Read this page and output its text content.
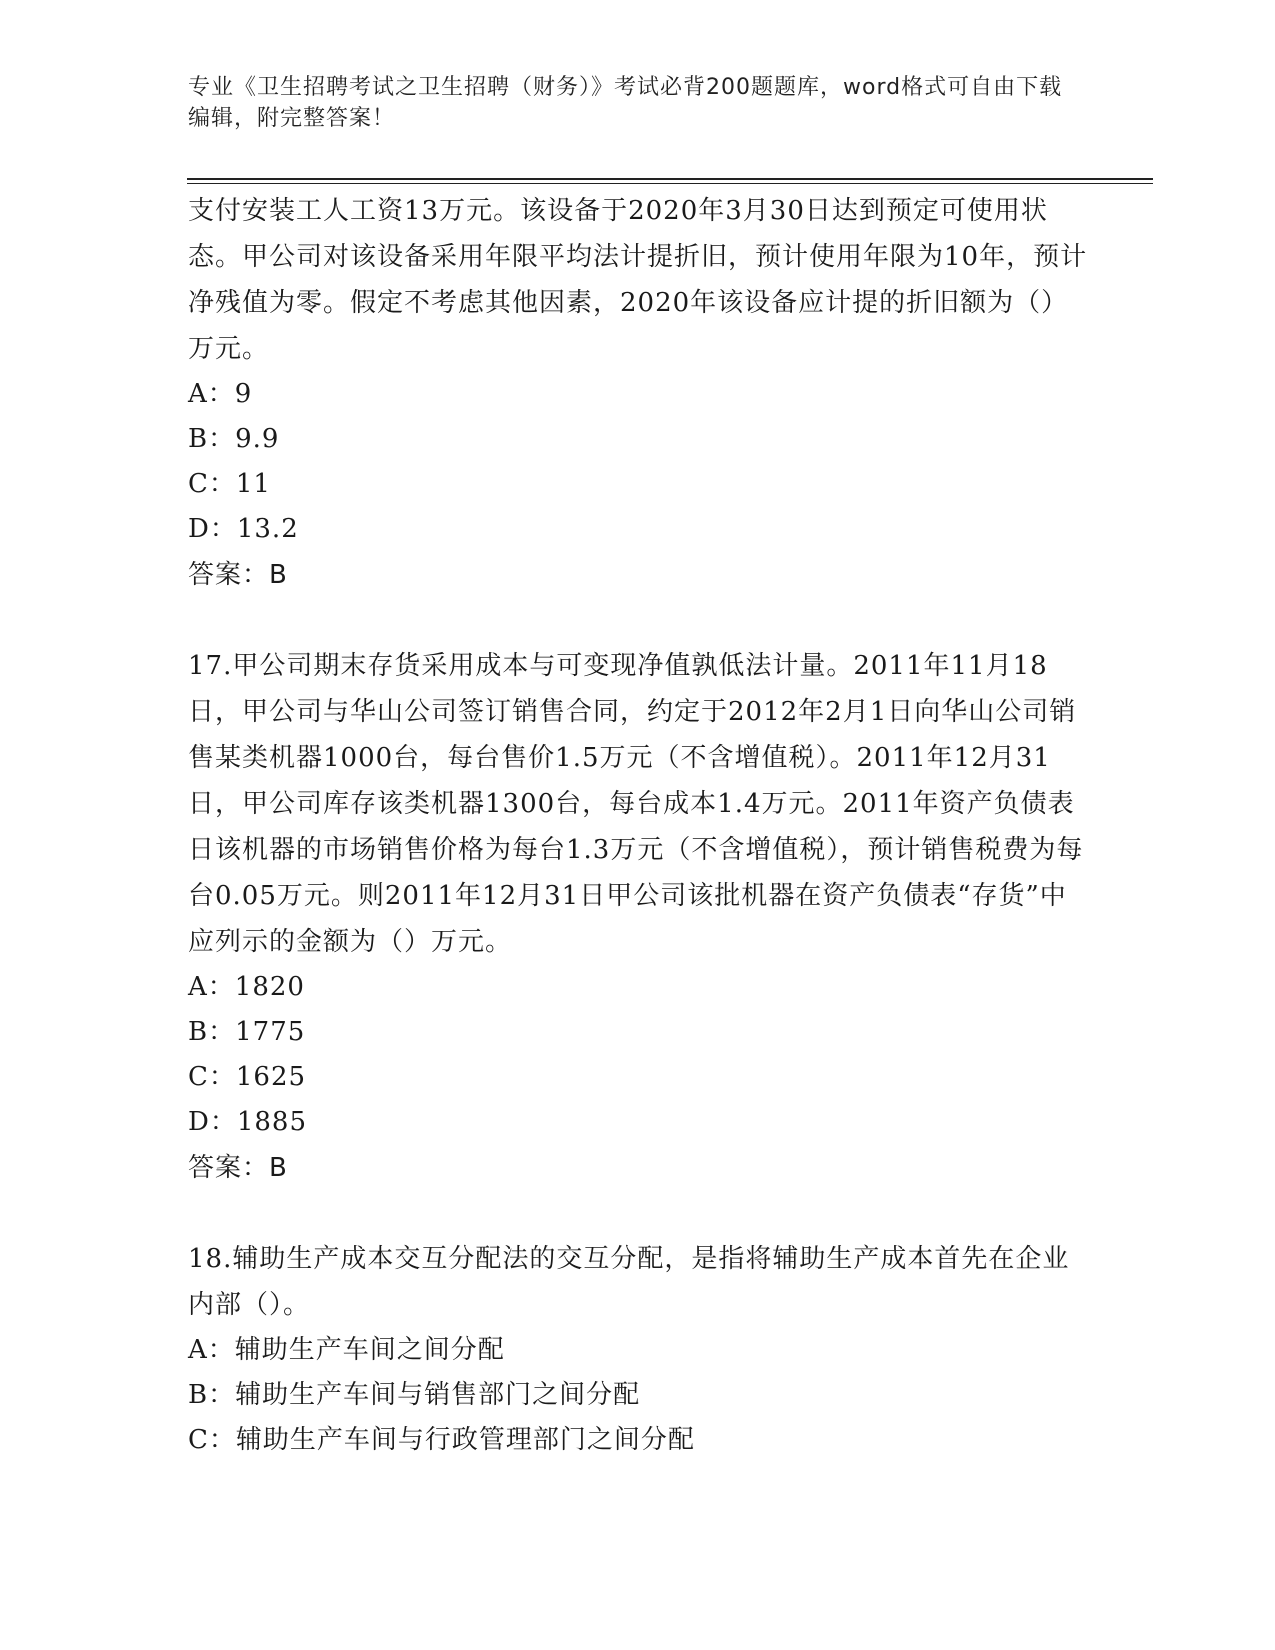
专业《卫生招聘考试之卫生招聘（财务）》考试必背200题题库，word格式可自由下载编辑，附完整答案！

支付安装工人工资13万元。该设备于2020年3月30日达到预定可使用状态。甲公司对该设备采用年限平均法计提折旧，预计使用年限为10年，预计净残值为零。假定不考虑其他因素，2020年该设备应计提的折旧额为（）万元。

A：9

B：9.9

C：11

D：13.2

答案：B

17.甲公司期末存货采用成本与可变现净值孰低法计量。2011年11月18日，甲公司与华山公司签订销售合同，约定于2012年2月1日向华山公司销售某类机器1000台，每台售价1.5万元（不含增值税）。2011年12月31日，甲公司库存该类机器1300台，每台成本1.4万元。2011年资产负债表日该机器的市场销售价格为每台1.3万元（不含增值税），预计销售税费为每台0.05万元。则2011年12月31日甲公司该批机器在资产负债表“存货”中应列示的金额为（）万元。

A：1820

B：1775

C：1625

D：1885

答案：B

18.辅助生产成本交互分配法的交互分配，是指将辅助生产成本首先在企业内部（）。

A：辅助生产车间之间分配

B：辅助生产车间与销售部门之间分配

C：辅助生产车间与行政管理部门之间分配
